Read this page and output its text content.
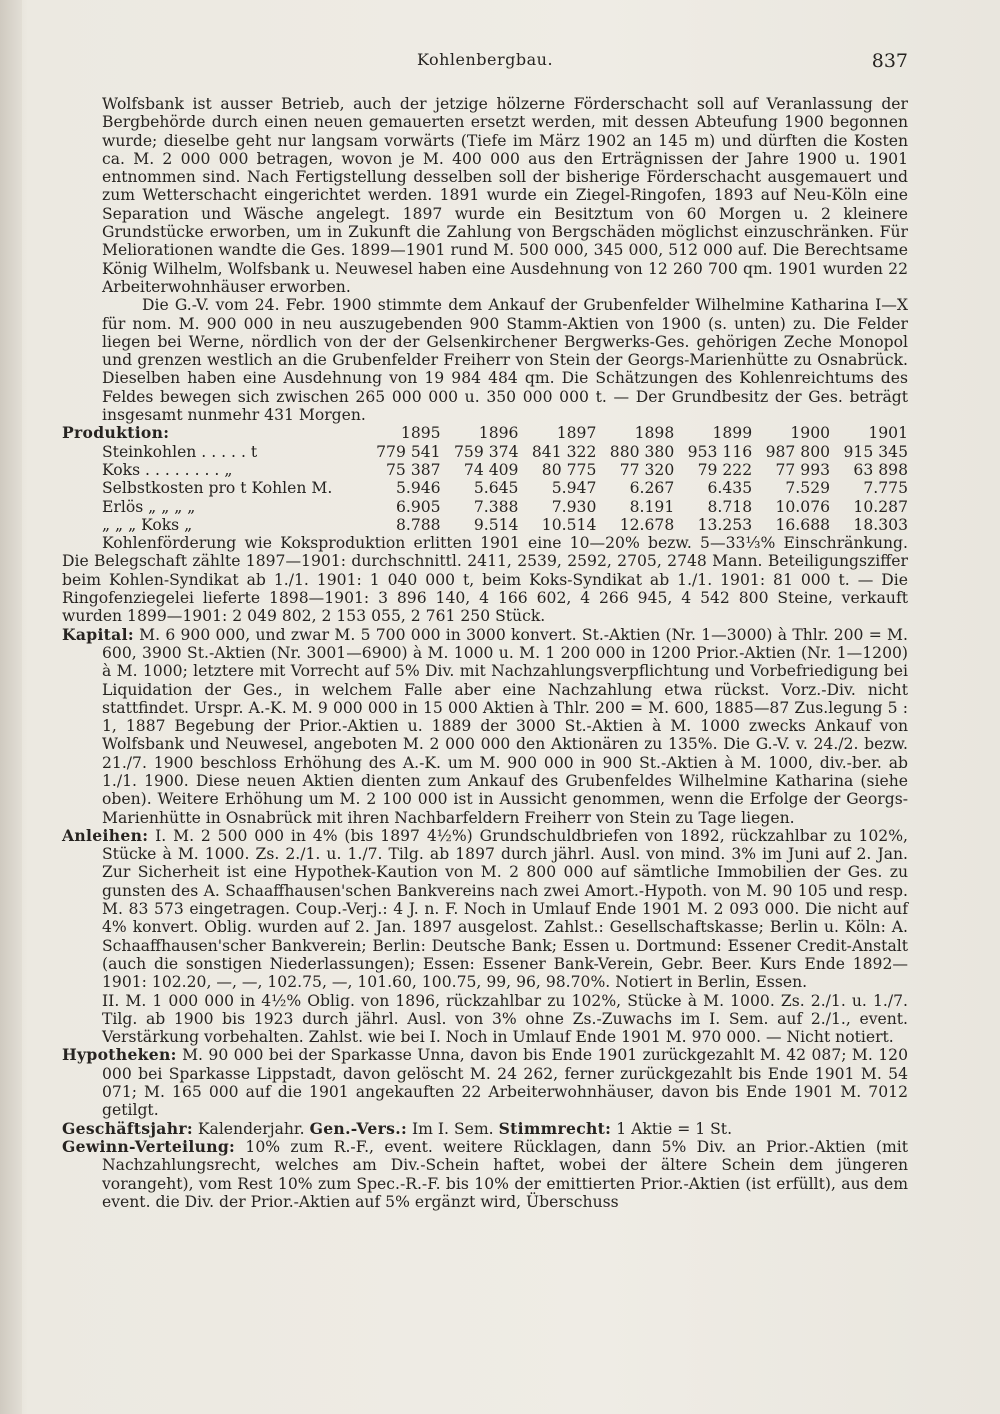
Kohlenbergbau.	837

Wolfsbank ist ausser Betrieb, auch der jetzige hölzerne Förderschacht soll auf Veranlassung der Bergbehörde durch einen neuen gemauerten ersetzt werden, mit dessen Abteufung 1900 begonnen wurde; dieselbe geht nur langsam vorwärts (Tiefe im März 1902 an 145 m) und dürften die Kosten ca. M. 2 000 000 betragen, wovon je M. 400 000 aus den Erträgnissen der Jahre 1900 u. 1901 entnommen sind. Nach Fertigstellung desselben soll der bisherige Förderschacht ausgemauert und zum Wetterschacht eingerichtet werden. 1891 wurde ein Ziegel-Ringofen, 1893 auf Neu-Köln eine Separation und Wäsche angelegt. 1897 wurde ein Besitztum von 60 Morgen u. 2 kleinere Grundstücke erworben, um in Zukunft die Zahlung von Bergschäden möglichst einzuschränken. Für Meliorationen wandte die Ges. 1899—1901 rund M. 500 000, 345 000, 512 000 auf. Die Berechtsame König Wilhelm, Wolfsbank u. Neuwesel haben eine Ausdehnung von 12 260 700 qm. 1901 wurden 22 Arbeiterwohnhäuser erworben.

Die G.-V. vom 24. Febr. 1900 stimmte dem Ankauf der Grubenfelder Wilhelmine Katharina I—X für nom. M. 900 000 in neu auszugebenden 900 Stamm-Aktien von 1900 (s. unten) zu. Die Felder liegen bei Werne, nördlich von der der Gelsenkirchener Bergwerks-Ges. gehörigen Zeche Monopol und grenzen westlich an die Grubenfelder Freiherr von Stein der Georgs-Marienhütte zu Osnabrück. Dieselben haben eine Ausdehnung von 19 984 484 qm. Die Schätzungen des Kohlenreichtums des Feldes bewegen sich zwischen 265 000 000 u. 350 000 000 t. — Der Grundbesitz der Ges. beträgt insgesamt nunmehr 431 Morgen.

Produktion:	1895	1896	1897	1898	1899	1900	1901
Steinkohlen . . . . . t	779 541	759 374	841 322	880 380	953 116	987 800	915 345
Koks . . . . . . . . „	75 387	74 409	80 775	77 320	79 222	77 993	63 898
Selbstkosten pro t Kohlen M.	5.946	5.645	5.947	6.267	6.435	7.529	7.775
Erlös „ „ „ „	6.905	7.388	7.930	8.191	8.718	10.076	10.287
„ „ „ Koks „	8.788	9.514	10.514	12.678	13.253	16.688	18.303

Kohlenförderung wie Koksproduktion erlitten 1901 eine 10—20% bezw. 5—33⅓% Einschränkung. Die Belegschaft zählte 1897—1901: durchschnittl. 2411, 2539, 2592, 2705, 2748 Mann. Beteiligungsziffer beim Kohlen-Syndikat ab 1./1. 1901: 1 040 000 t, beim Koks-Syndikat ab 1./1. 1901: 81 000 t. — Die Ringofenziegelei lieferte 1898—1901: 3 896 140, 4 166 602, 4 266 945, 4 542 800 Steine, verkauft wurden 1899—1901: 2 049 802, 2 153 055, 2 761 250 Stück.

Kapital: M. 6 900 000, und zwar M. 5 700 000 in 3000 konvert. St.-Aktien (Nr. 1—3000) à Thlr. 200 = M. 600, 3900 St.-Aktien (Nr. 3001—6900) à M. 1000 u. M. 1 200 000 in 1200 Prior.-Aktien (Nr. 1—1200) à M. 1000; letztere mit Vorrecht auf 5% Div. mit Nachzahlungsverpflichtung und Vorbefriedigung bei Liquidation der Ges., in welchem Falle aber eine Nachzahlung etwa rückst. Vorz.-Div. nicht stattfindet. Urspr. A.-K. M. 9 000 000 in 15 000 Aktien à Thlr. 200 = M. 600, 1885—87 Zus.legung 5 : 1, 1887 Begebung der Prior.-Aktien u. 1889 der 3000 St.-Aktien à M. 1000 zwecks Ankauf von Wolfsbank und Neuwesel, angeboten M. 2 000 000 den Aktionären zu 135%. Die G.-V. v. 24./2. bezw. 21./7. 1900 beschloss Erhöhung des A.-K. um M. 900 000 in 900 St.-Aktien à M. 1000, div.-ber. ab 1./1. 1900. Diese neuen Aktien dienten zum Ankauf des Grubenfeldes Wilhelmine Katharina (siehe oben). Weitere Erhöhung um M. 2 100 000 ist in Aussicht genommen, wenn die Erfolge der Georgs-Marienhütte in Osnabrück mit ihren Nachbarfeldern Freiherr von Stein zu Tage liegen.

Anleihen: I. M. 2 500 000 in 4% (bis 1897 4½%) Grundschuldbriefen von 1892, rückzahlbar zu 102%, Stücke à M. 1000. Zs. 2./1. u. 1./7. Tilg. ab 1897 durch jährl. Ausl. von mind. 3% im Juni auf 2. Jan. Zur Sicherheit ist eine Hypothek-Kaution von M. 2 800 000 auf sämtliche Immobilien der Ges. zu gunsten des A. Schaaffhausen'schen Bankvereins nach zwei Amort.-Hypoth. von M. 90 105 und resp. M. 83 573 eingetragen. Coup.-Verj.: 4 J. n. F. Noch in Umlauf Ende 1901 M. 2 093 000. Die nicht auf 4% konvert. Oblig. wurden auf 2. Jan. 1897 ausgelost. Zahlst.: Gesellschaftskasse; Berlin u. Köln: A. Schaaffhausen'scher Bankverein; Berlin: Deutsche Bank; Essen u. Dortmund: Essener Credit-Anstalt (auch die sonstigen Niederlassungen); Essen: Essener Bank-Verein, Gebr. Beer. Kurs Ende 1892—1901: 102.20, —, —, 102.75, —, 101.60, 100.75, 99, 96, 98.70%. Notiert in Berlin, Essen.

II. M. 1 000 000 in 4½% Oblig. von 1896, rückzahlbar zu 102%, Stücke à M. 1000. Zs. 2./1. u. 1./7. Tilg. ab 1900 bis 1923 durch jährl. Ausl. von 3% ohne Zs.-Zuwachs im I. Sem. auf 2./1., event. Verstärkung vorbehalten. Zahlst. wie bei I. Noch in Umlauf Ende 1901 M. 970 000. — Nicht notiert.

Hypotheken: M. 90 000 bei der Sparkasse Unna, davon bis Ende 1901 zurückgezahlt M. 42 087; M. 120 000 bei Sparkasse Lippstadt, davon gelöscht M. 24 262, ferner zurückgezahlt bis Ende 1901 M. 54 071; M. 165 000 auf die 1901 angekauften 22 Arbeiterwohnhäuser, davon bis Ende 1901 M. 7012 getilgt.

Geschäftsjahr: Kalenderjahr. Gen.-Vers.: Im I. Sem. Stimmrecht: 1 Aktie = 1 St.

Gewinn-Verteilung: 10% zum R.-F., event. weitere Rücklagen, dann 5% Div. an Prior.-Aktien (mit Nachzahlungsrecht, welches am Div.-Schein haftet, wobei der ältere Schein dem jüngeren vorangeht), vom Rest 10% zum Spec.-R.-F. bis 10% der emittierten Prior.-Aktien (ist erfüllt), aus dem event. die Div. der Prior.-Aktien auf 5% ergänzt wird, Überschuss
